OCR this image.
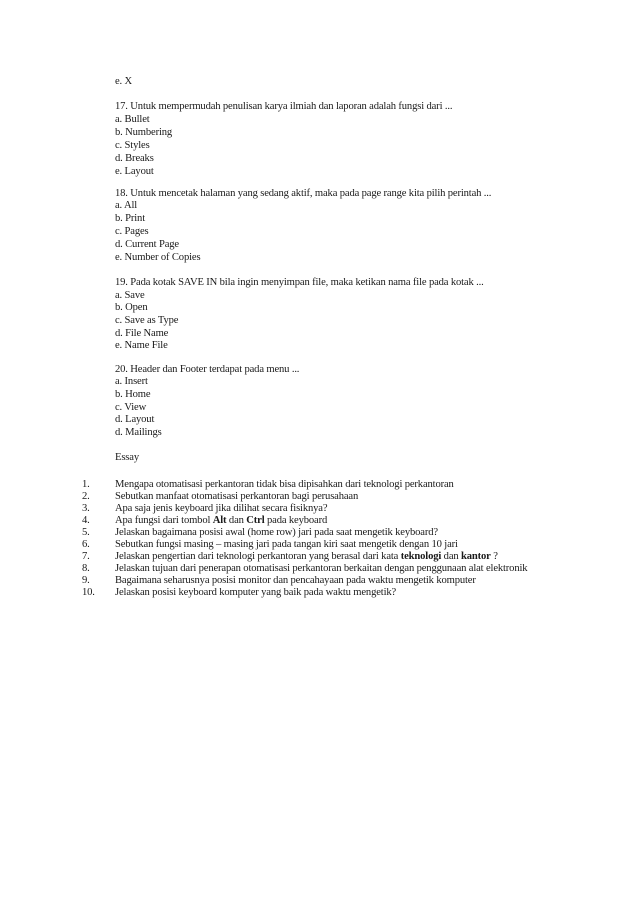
e. X
17. Untuk mempermudah penulisan karya ilmiah dan laporan adalah fungsi dari ...
a. Bullet
b. Numbering
c. Styles
d. Breaks
e. Layout
18. Untuk mencetak halaman yang sedang aktif, maka pada page range kita pilih perintah ...
a. All
b. Print
c. Pages
d. Current Page
e. Number of Copies
19. Pada kotak SAVE IN bila ingin menyimpan file, maka ketikan nama file pada kotak ...
a. Save
b. Open
c. Save as Type
d. File Name
e. Name File
20. Header dan Footer terdapat pada menu ...
a. Insert
b. Home
c. View
d. Layout
d. Mailings
Essay
1.	Mengapa otomatisasi perkantoran tidak bisa dipisahkan dari teknologi perkantoran
2.	Sebutkan manfaat otomatisasi perkantoran bagi perusahaan
3.	Apa saja jenis keyboard jika dilihat secara fisiknya?
4.	Apa fungsi dari tombol Alt dan Ctrl pada keyboard
5.	Jelaskan bagaimana posisi awal (home row) jari pada saat mengetik keyboard?
6.	Sebutkan fungsi masing – masing jari pada tangan kiri saat mengetik dengan 10 jari
7.	Jelaskan pengertian dari teknologi perkantoran yang berasal dari kata teknologi dan kantor ?
8.	Jelaskan tujuan dari penerapan otomatisasi perkantoran berkaitan dengan penggunaan alat elektronik
9.	Bagaimana seharusnya posisi monitor dan pencahayaan pada waktu mengetik komputer
10.	Jelaskan posisi keyboard komputer yang baik pada waktu mengetik?
